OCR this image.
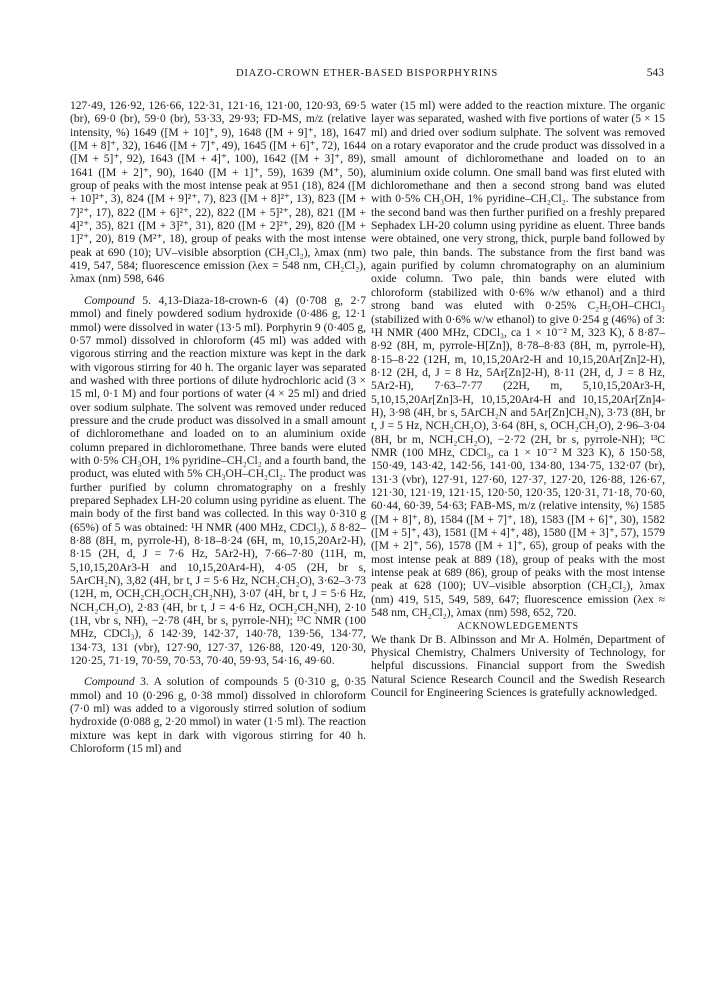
DIAZO-CROWN ETHER-BASED BISPORPHYRINS	543

127·49, 126·92, 126·66, 122·31, 121·16, 121·00, 120·93, 69·5 (br), 69·0 (br), 59·0 (br), 53·33, 29·93; FD-MS, m/z (relative intensity, %) 1649 ([M + 10]⁺, 9), 1648 ([M + 9]⁺, 18), 1647 ([M + 8]⁺, 32), 1646 ([M + 7]⁺, 49), 1645 ([M + 6]⁺, 72), 1644 ([M + 5]⁺, 92), 1643 ([M + 4]⁺, 100), 1642 ([M + 3]⁺, 89), 1641 ([M + 2]⁺, 90), 1640 ([M + 1]⁺, 59), 1639 (M⁺, 50), group of peaks with the most intense peak at 951 (18), 824 ([M + 10]²⁺, 3), 824 ([M + 9]²⁺, 7), 823 ([M + 8]²⁺, 13), 823 ([M + 7]²⁺, 17), 822 ([M + 6]²⁺, 22), 822 ([M + 5]²⁺, 28), 821 ([M + 4]²⁺, 35), 821 ([M + 3]²⁺, 31), 820 ([M + 2]²⁺, 29), 820 ([M + 1]²⁺, 20), 819 (M²⁺, 18), group of peaks with the most intense peak at 690 (10); UV–visible absorption (CH₂Cl₂), λmax (nm) 419, 547, 584; fluorescence emission (λex = 548 nm, CH₂Cl₂), λmax (nm) 598, 646

Compound 5. 4,13-Diaza-18-crown-6 (4) (0·708 g, 2·7 mmol) and finely powdered sodium hydroxide (0·486 g, 12·1 mmol) were dissolved in water (13·5 ml). Porphyrin 9 (0·405 g, 0·57 mmol) dissolved in chloroform (45 ml) was added with vigorous stirring and the reaction mixture was kept in the dark with vigorous stirring for 40 h. The organic layer was separated and washed with three portions of dilute hydrochloric acid (3 × 15 ml, 0·1 M) and four portions of water (4 × 25 ml) and dried over sodium sulphate. The solvent was removed under reduced pressure and the crude product was dissolved in a small amount of dichloromethane and loaded on to an aluminium oxide column prepared in dichloromethane. Three bands were eluted with 0·5% CH₃OH, 1% pyridine–CH₂Cl₂ and a fourth band, the product, was eluted with 5% CH₃OH–CH₂Cl₂. The product was further purified by column chromatography on a freshly prepared Sephadex LH-20 column using pyridine as eluent. The main body of the first band was collected. In this way 0·310 g (65%) of 5 was obtained: ¹H NMR (400 MHz, CDCl₃), δ 8·82–8·88 (8H, m, pyrrole-H), 8·18–8·24 (6H, m, 10,15,20Ar2-H), 8·15 (2H, d, J = 7·6 Hz, 5Ar2-H), 7·66–7·80 (11H, m, 5,10,15,20Ar3-H and 10,15,20Ar4-H), 4·05 (2H, br s, 5ArCH₂N), 3,82 (4H, br t, J = 5·6 Hz, NCH₂CH₂O), 3·62–3·73 (12H, m, OCH₂CH₂OCH₂CH₂NH), 3·07 (4H, br t, J = 5·6 Hz, NCH₂CH₂O), 2·83 (4H, br t, J = 4·6 Hz, OCH₂CH₂NH), 2·10 (1H, vbr s, NH), −2·78 (4H, br s, pyrrole-NH); ¹³C NMR (100 MHz, CDCl₃), δ 142·39, 142·37, 140·78, 139·56, 134·77, 134·73, 131 (vbr), 127·90, 127·37, 126·88, 120·49, 120·30, 120·25, 71·19, 70·59, 70·53, 70·40, 59·93, 54·16, 49·60.

Compound 3. A solution of compounds 5 (0·310 g, 0·35 mmol) and 10 (0·296 g, 0·38 mmol) dissolved in chloroform (7·0 ml) was added to a vigorously stirred solution of sodium hydroxide (0·088 g, 2·20 mmol) in water (1·5 ml). The reaction mixture was kept in dark with vigorous stirring for 40 h. Chloroform (15 ml) and

water (15 ml) were added to the reaction mixture. The organic layer was separated, washed with five portions of water (5 × 15 ml) and dried over sodium sulphate. The solvent was removed on a rotary evaporator and the crude product was dissolved in a small amount of dichloromethane and loaded on to an aluminium oxide column. One small band was first eluted with dichloromethane and then a second strong band was eluted with 0·5% CH₃OH, 1% pyridine–CH₂Cl₂. The substance from the second band was then further purified on a freshly prepared Sephadex LH-20 column using pyridine as eluent. Three bands were obtained, one very strong, thick, purple band followed by two pale, thin bands. The substance from the first band was again purified by column chromatography on an aluminium oxide column. Two pale, thin bands were eluted with chloroform (stabilized with 0·6% w/w ethanol) and a third strong band was eluted with 0·25% C₂H₅OH–CHCl₃ (stabilized with 0·6% w/w ethanol) to give 0·254 g (46%) of 3: ¹H NMR (400 MHz, CDCl₃, ca 1 × 10⁻² M, 323 K), δ 8·87–8·92 (8H, m, pyrrole-H[Zn]), 8·78–8·83 (8H, m, pyrrole-H), 8·15–8·22 (12H, m, 10,15,20Ar2-H and 10,15,20Ar[Zn]2-H), 8·12 (2H, d, J = 8 Hz, 5Ar[Zn]2-H), 8·11 (2H, d, J = 8 Hz, 5Ar2-H), 7·63–7·77 (22H, m, 5,10,15,20Ar3-H, 5,10,15,20Ar[Zn]3-H, 10,15,20Ar4-H and 10,15,20Ar[Zn]4-H), 3·98 (4H, br s, 5ArCH₂N and 5Ar[Zn]CH₂N), 3·73 (8H, br t, J = 5 Hz, NCH₂CH₂O), 3·64 (8H, s, OCH₂CH₂O), 2·96–3·04 (8H, br m, NCH₂CH₂O), −2·72 (2H, br s, pyrrole-NH); ¹³C NMR (100 MHz, CDCl₃, ca 1 × 10⁻² M 323 K), δ 150·58, 150·49, 143·42, 142·56, 141·00, 134·80, 134·75, 132·07 (br), 131·3 (vbr), 127·91, 127·60, 127·37, 127·20, 126·88, 126·67, 121·30, 121·19, 121·15, 120·50, 120·35, 120·31, 71·18, 70·60, 60·44, 60·39, 54·63; FAB-MS, m/z (relative intensity, %) 1585 ([M + 8]⁺, 8), 1584 ([M + 7]⁺, 18), 1583 ([M + 6]⁺, 30), 1582 ([M + 5]⁺, 43), 1581 ([M + 4]⁺, 48), 1580 ([M + 3]⁺, 57), 1579 ([M + 2]⁺, 56), 1578 ([M + 1]⁺, 65), group of peaks with the most intense peak at 889 (18), group of peaks with the most intense peak at 689 (86), group of peaks with the most intense peak at 628 (100); UV–visible absorption (CH₂Cl₂), λmax (nm) 419, 515, 549, 589, 647; fluorescence emission (λex ≈ 548 nm, CH₂Cl₂), λmax (nm) 598, 652, 720.

ACKNOWLEDGEMENTS

We thank Dr B. Albinsson and Mr A. Holmén, Department of Physical Chemistry, Chalmers University of Technology, for helpful discussions. Financial support from the Swedish Natural Science Research Council and the Swedish Research Council for Engineering Sciences is gratefully acknowledged.
